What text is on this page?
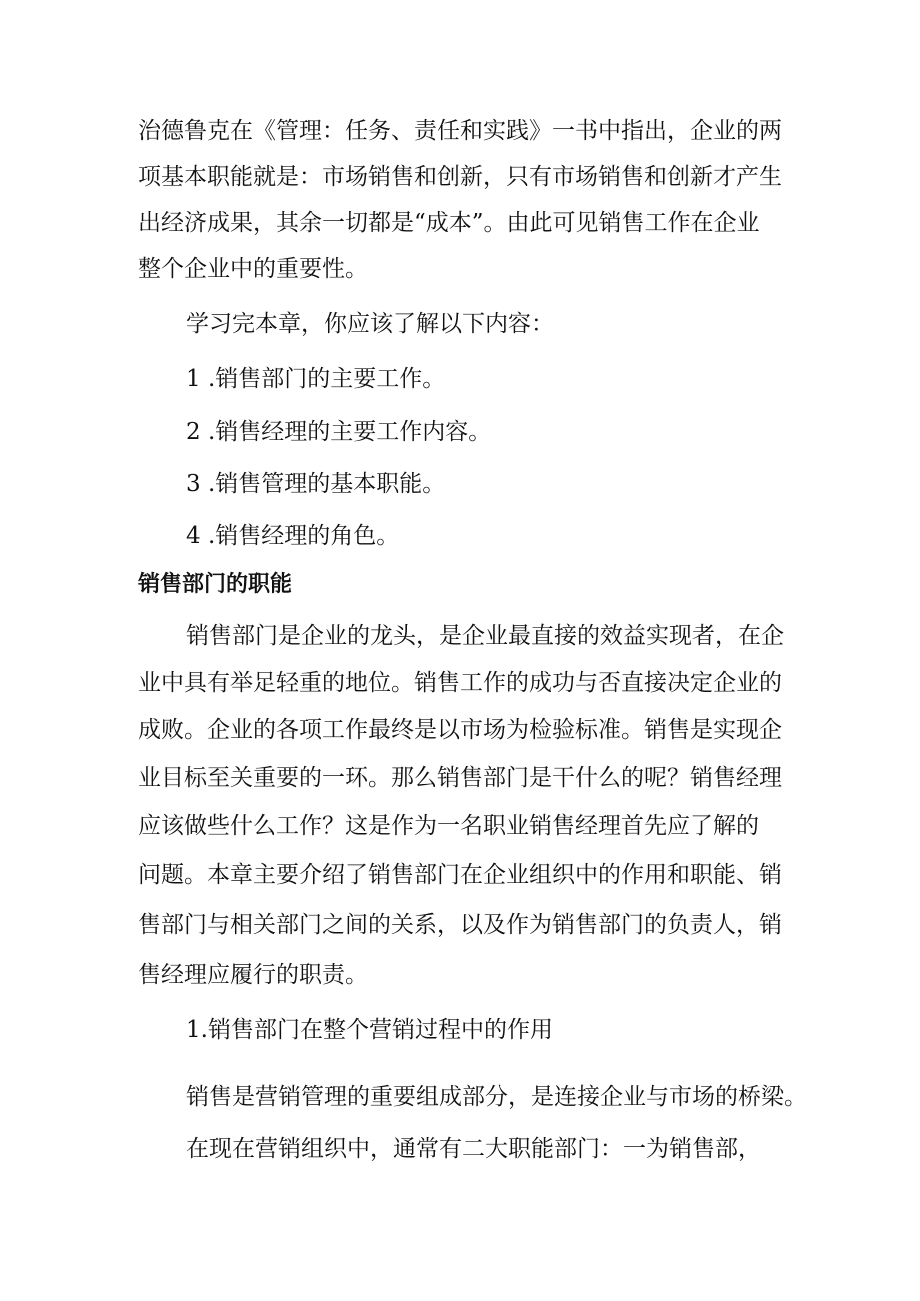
治德鲁克在《管理：任务、责任和实践》一书中指出，企业的两

项基本职能就是：市场销售和创新，只有市场销售和创新才产生

出经济成果，其余一切都是“成本”。由此可见销售工作在企业

整个企业中的重要性。

学习完本章，你应该了解以下内容：

1 .销售部门的主要工作。

2 .销售经理的主要工作内容。

3 .销售管理的基本职能。

4 .销售经理的角色。

销售部门的职能

销售部门是企业的龙头，是企业最直接的效益实现者，在企

业中具有举足轻重的地位。销售工作的成功与否直接决定企业的

成败。企业的各项工作最终是以市场为检验标准。销售是实现企

业目标至关重要的一环。那么销售部门是干什么的呢？销售经理

应该做些什么工作？这是作为一名职业销售经理首先应了解的

问题。本章主要介绍了销售部门在企业组织中的作用和职能、销

售部门与相关部门之间的关系，以及作为销售部门的负责人，销

售经理应履行的职责。

1.销售部门在整个营销过程中的作用

销售是营销管理的重要组成部分，是连接企业与市场的桥梁。

在现在营销组织中，通常有二大职能部门：一为销售部，
